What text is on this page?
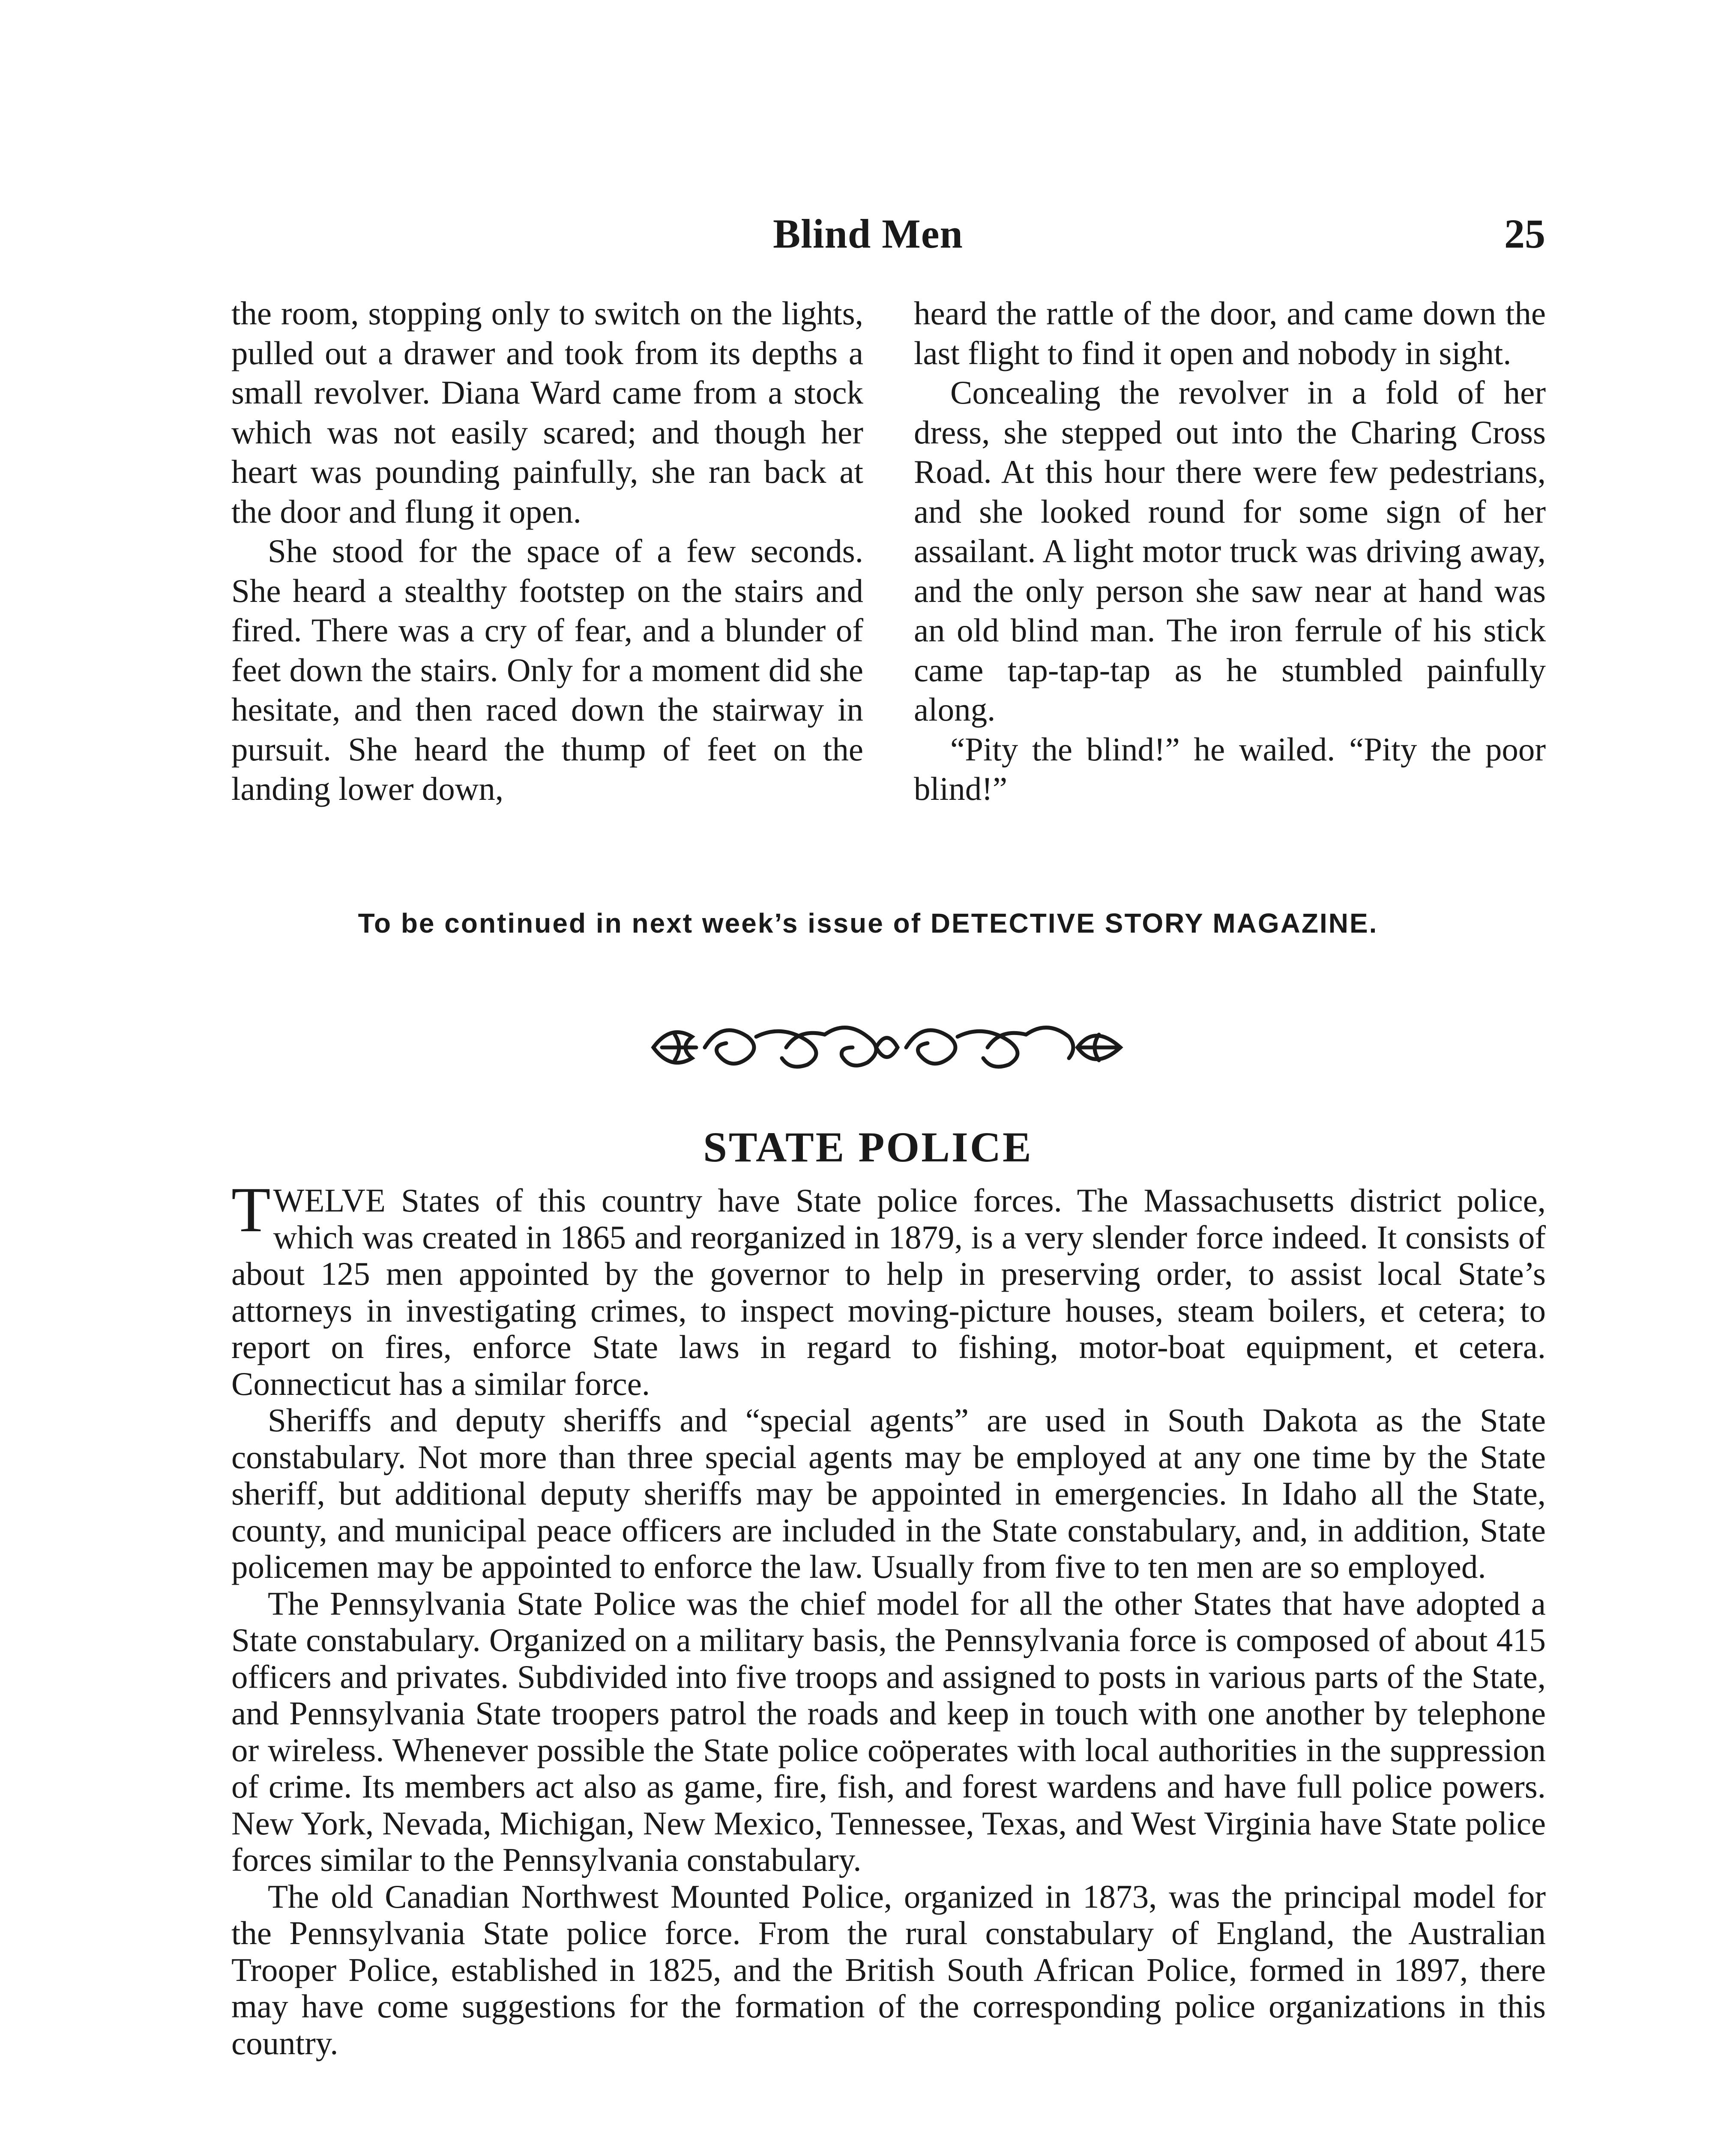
Blind Men	25

the room, stopping only to switch on the lights, pulled out a drawer and took from its depths a small revolver. Diana Ward came from a stock which was not easily scared; and though her heart was pounding painfully, she ran back at the door and flung it open.

She stood for the space of a few seconds. She heard a stealthy footstep on the stairs and fired. There was a cry of fear, and a blunder of feet down the stairs. Only for a moment did she hesitate, and then raced down the stairway in pursuit. She heard the thump of feet on the landing lower down,

heard the rattle of the door, and came down the last flight to find it open and nobody in sight.

Concealing the revolver in a fold of her dress, she stepped out into the Charing Cross Road. At this hour there were few pedestrians, and she looked round for some sign of her assailant. A light motor truck was driving away, and the only person she saw near at hand was an old blind man. The iron ferrule of his stick came tap-tap-tap as he stumbled painfully along.

“Pity the blind!” he wailed. “Pity the poor blind!”

To be continued in next week’s issue of DETECTIVE STORY MAGAZINE.
STATE POLICE

TWELVE States of this country have State police forces. The Massachusetts district police, which was created in 1865 and reorganized in 1879, is a very slender force indeed. It consists of about 125 men appointed by the governor to help in preserving order, to assist local State’s attorneys in investigating crimes, to inspect moving-picture houses, steam boilers, et cetera; to report on fires, enforce State laws in regard to fishing, motor-boat equipment, et cetera. Connecticut has a similar force.

Sheriffs and deputy sheriffs and “special agents” are used in South Dakota as the State constabulary. Not more than three special agents may be employed at any one time by the State sheriff, but additional deputy sheriffs may be appointed in emergencies. In Idaho all the State, county, and municipal peace officers are included in the State constabulary, and, in addition, State policemen may be appointed to enforce the law. Usually from five to ten men are so employed.

The Pennsylvania State Police was the chief model for all the other States that have adopted a State constabulary. Organized on a military basis, the Pennsylvania force is composed of about 415 officers and privates. Subdivided into five troops and assigned to posts in various parts of the State, and Pennsylvania State troopers patrol the roads and keep in touch with one another by telephone or wireless. Whenever possible the State police coöperates with local authorities in the suppression of crime. Its members act also as game, fire, fish, and forest wardens and have full police powers. New York, Nevada, Michigan, New Mexico, Tennessee, Texas, and West Virginia have State police forces similar to the Pennsylvania constabulary.

The old Canadian Northwest Mounted Police, organized in 1873, was the principal model for the Pennsylvania State police force. From the rural constabulary of England, the Australian Trooper Police, established in 1825, and the British South African Police, formed in 1897, there may have come suggestions for the formation of the corresponding police organizations in this country.
